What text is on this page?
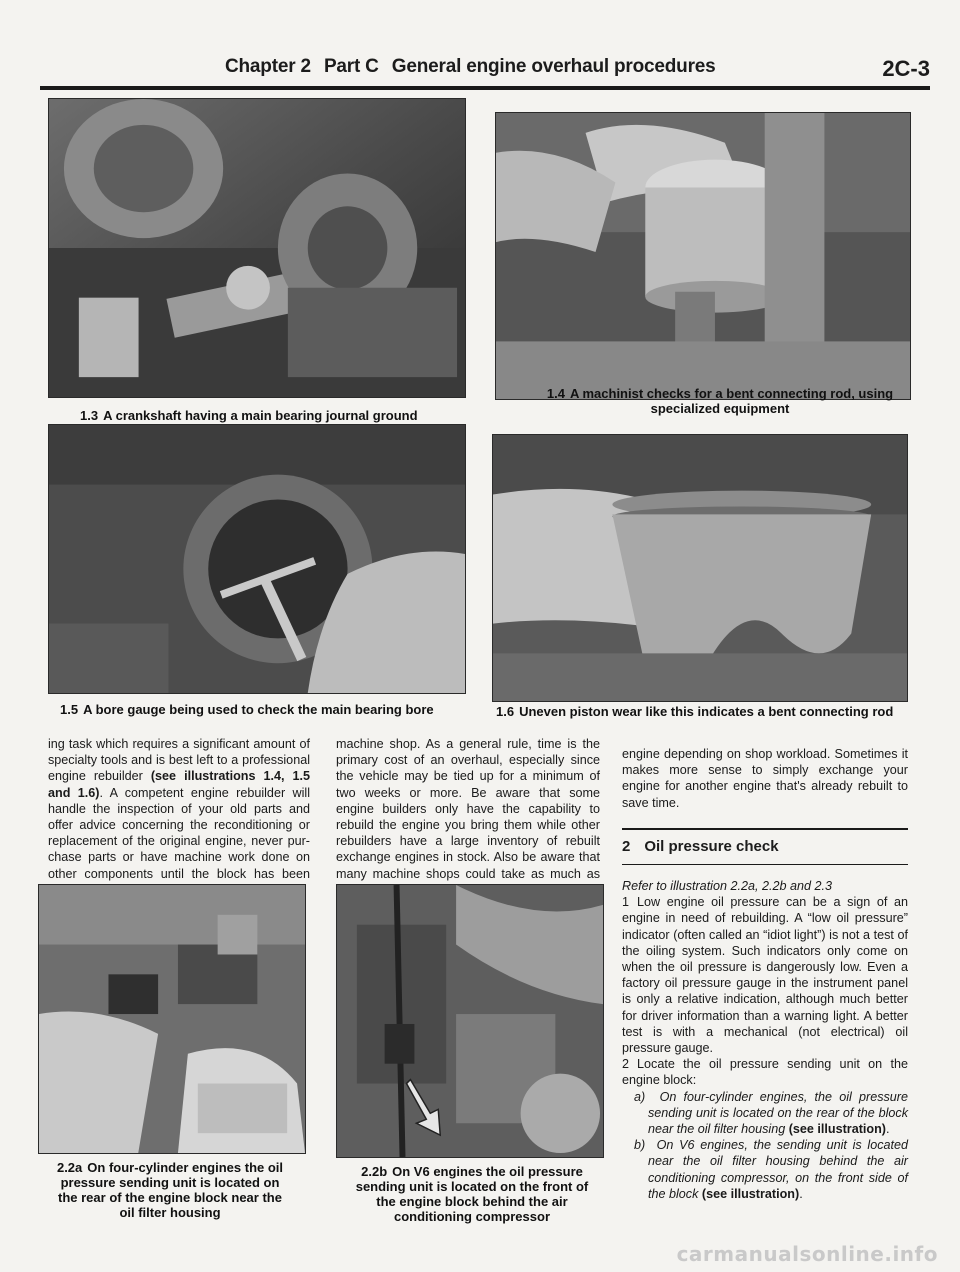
Chapter 2 Part C General engine overhaul procedures	2C-3
1.3 A crankshaft having a main bearing journal ground
1.4 A machinist checks for a bent connecting rod, using specialized equipment
1.5 A bore gauge being used to check the main bearing bore	1.6 Uneven piston wear like this indicates a bent connecting rod
ing task which requires a significant amount of specialty tools and is best left to a professional engine rebuilder (see illustrations 1.4, 1.5 and 1.6). A competent engine rebuilder will handle the inspection of your old parts and offer advice concerning the reconditioning or replacement of the original engine, never purchase parts or have machine work done on other components until the block has been
machine shop. As a general rule, time is the primary cost of an overhaul, especially since the vehicle may be tied up for a minimum of two weeks or more. Be aware that some engine builders only have the capability to rebuild the engine you bring them while other rebuilders have a large inventory of rebuilt exchange engines in stock. Also be aware that many machine shops could take as much as
engine depending on shop workload. Sometimes it makes more sense to simply exchange your engine for another engine that's already rebuilt to save time.
2 Oil pressure check
Refer to illustration 2.2a, 2.2b and 2.3
1 Low engine oil pressure can be a sign of an engine in need of rebuilding. A “low oil pressure” indicator (often called an “idiot light”) is not a test of the oiling system. Such indicators only come on when the oil pressure is dangerously low. Even a factory oil pressure gauge in the instrument panel is only a relative indication, although much better for driver information than a warning light. A better test is with a mechanical (not electrical) oil pressure gauge.
2 Locate the oil pressure sending unit on the engine block:
a) On four-cylinder engines, the oil pressure sending unit is located on the rear of the block near the oil filter housing (see illustration).
b) On V6 engines, the sending unit is located near the oil filter housing behind the air conditioning compressor, on the front side of the block (see illustration).
2.2a On four-cylinder engines the oil pressure sending unit is located on the rear of the engine block near the oil filter housing
2.2b On V6 engines the oil pressure sending unit is located on the front of the engine block behind the air conditioning compressor
carmanualsonline.info
